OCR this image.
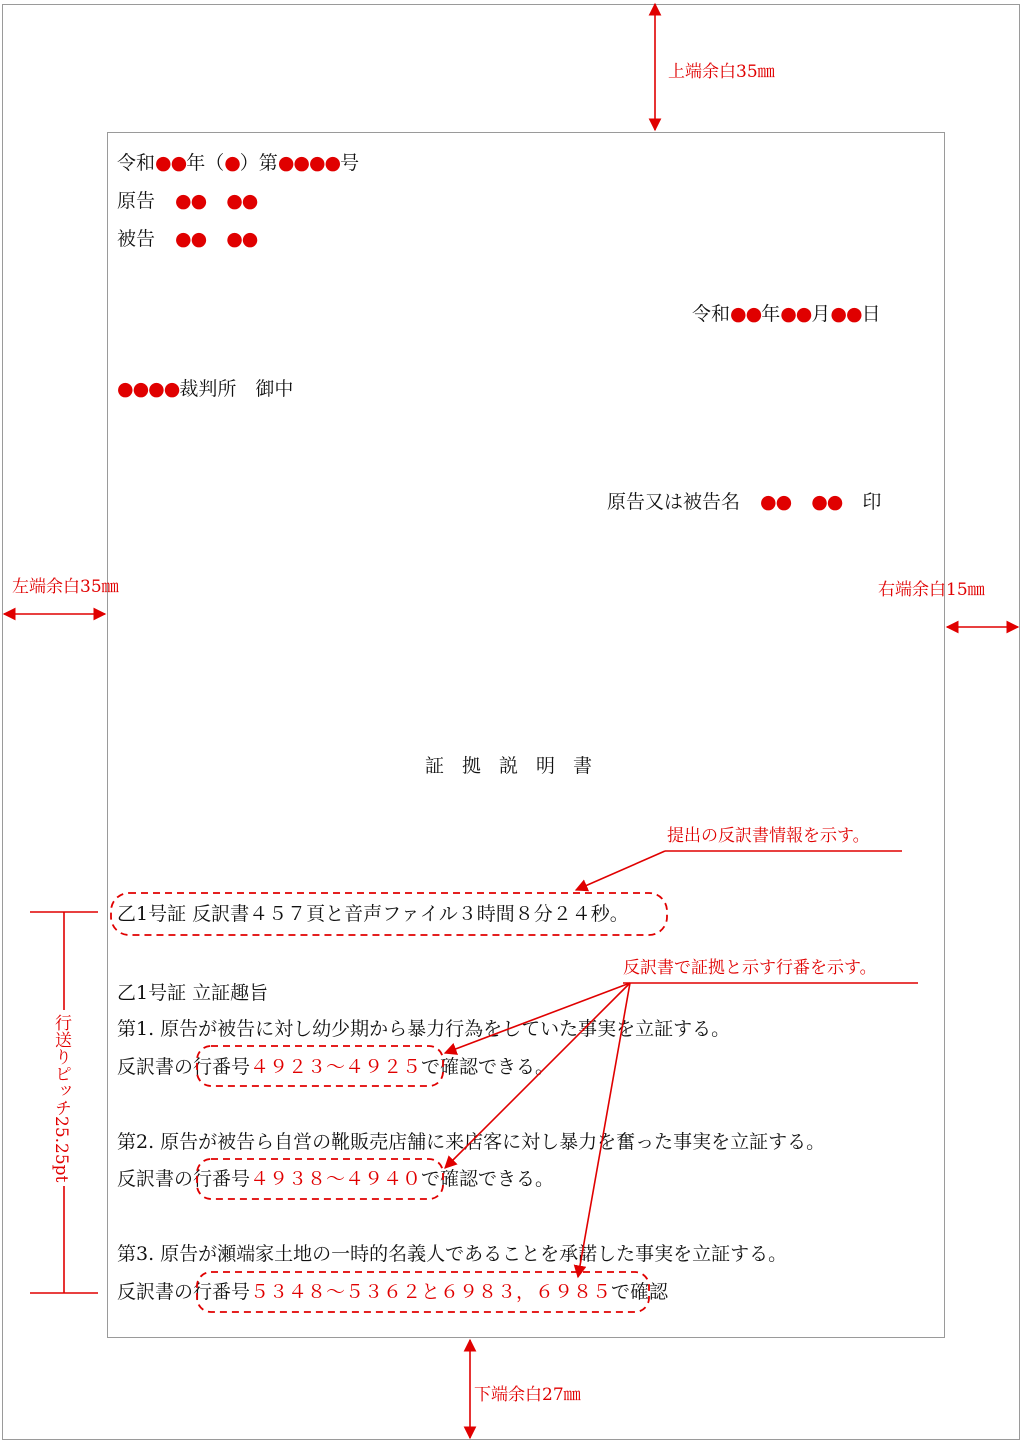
令和●●年（●）第●●●●号
原告 ●● ●●
被告 ●● ●●
令和●●年●●月●●日
●●●●裁判所　御中
原告又は被告名 ●● ●● 印
証拠説明書
乙1号証 反訳書４５７頁と音声ファイル３時間８分２４秒。
乙1号証 立証趣旨
第1. 原告が被告に対し幼少期から暴力行為をしていた事実を立証する。
反訳書の行番号４９２３～４９２５で確認できる。
第2. 原告が被告ら自営の靴販売店舗に来店客に対し暴力を奮った事実を立証する。
反訳書の行番号４９３８～４９４０で確認できる。
第3. 原告が瀬端家土地の一時的名義人であることを承諾した事実を立証する。
反訳書の行番号５３４８～５３６２と６９８３，６９８５で確認
上端余白35㎜
左端余白35㎜	右端余白15㎜
下端余白27㎜
提出の反訳書情報を示す。
反訳書で証拠と示す行番を示す。
行送りピッチ25.25pt
